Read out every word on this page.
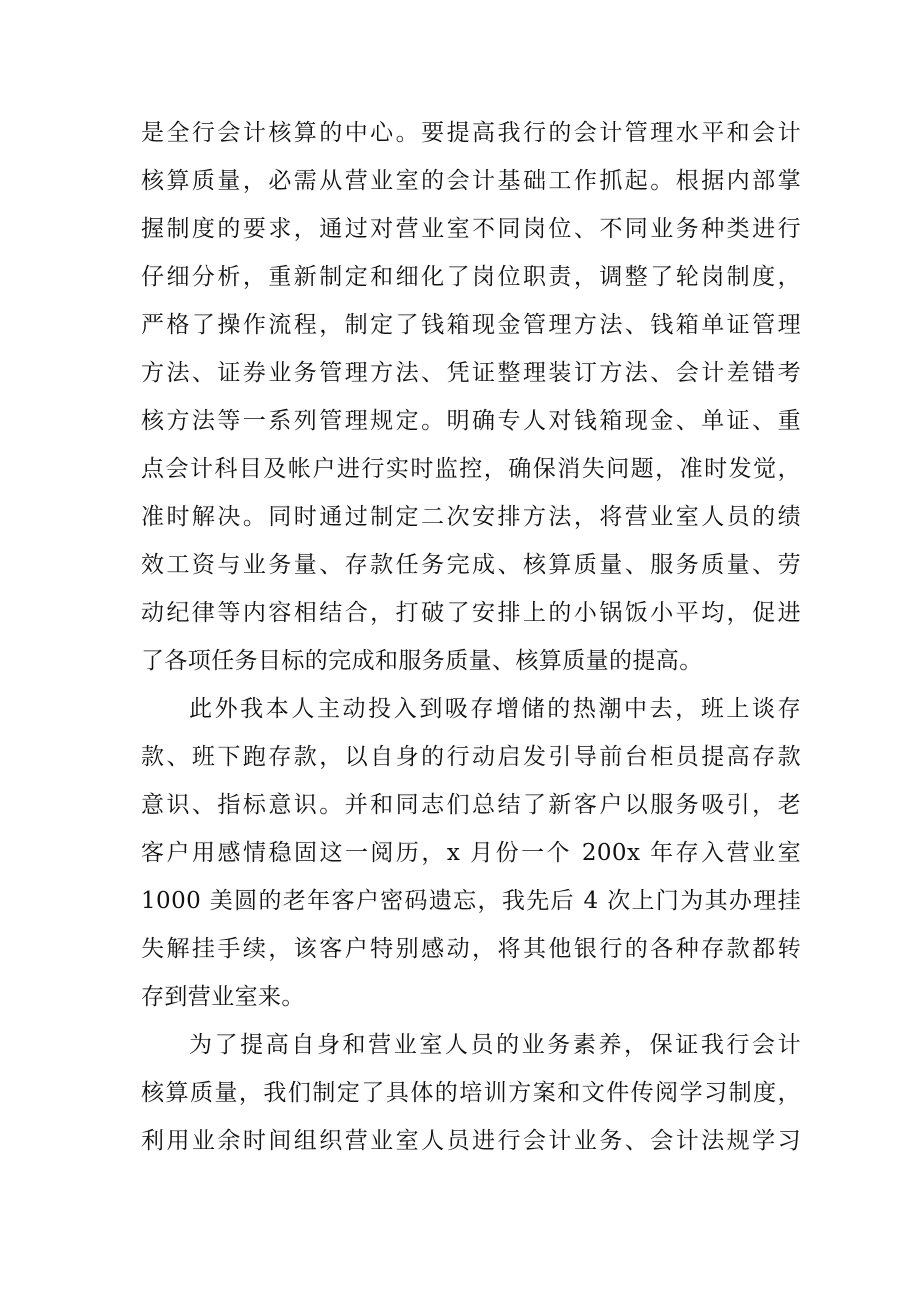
是全行会计核算的中心。要提高我行的会计管理水平和会计
核算质量，必需从营业室的会计基础工作抓起。根据内部掌
握制度的要求，通过对营业室不同岗位、不同业务种类进行
仔细分析，重新制定和细化了岗位职责，调整了轮岗制度，
严格了操作流程，制定了钱箱现金管理方法、钱箱单证管理
方法、证券业务管理方法、凭证整理装订方法、会计差错考
核方法等一系列管理规定。明确专人对钱箱现金、单证、重
点会计科目及帐户进行实时监控，确保消失问题，准时发觉，
准时解决。同时通过制定二次安排方法，将营业室人员的绩
效工资与业务量、存款任务完成、核算质量、服务质量、劳
动纪律等内容相结合，打破了安排上的小锅饭小平均，促进
了各项任务目标的完成和服务质量、核算质量的提高。
此外我本人主动投入到吸存增储的热潮中去，班上谈存
款、班下跑存款，以自身的行动启发引导前台柜员提高存款
意识、指标意识。并和同志们总结了新客户以服务吸引，老
客户用感情稳固这一阅历，x 月份一个 200x 年存入营业室
1000 美圆的老年客户密码遗忘，我先后 4 次上门为其办理挂
失解挂手续，该客户特别感动，将其他银行的各种存款都转
存到营业室来。
为了提高自身和营业室人员的业务素养，保证我行会计
核算质量，我们制定了具体的培训方案和文件传阅学习制度，
利用业余时间组织营业室人员进行会计业务、会计法规学习
